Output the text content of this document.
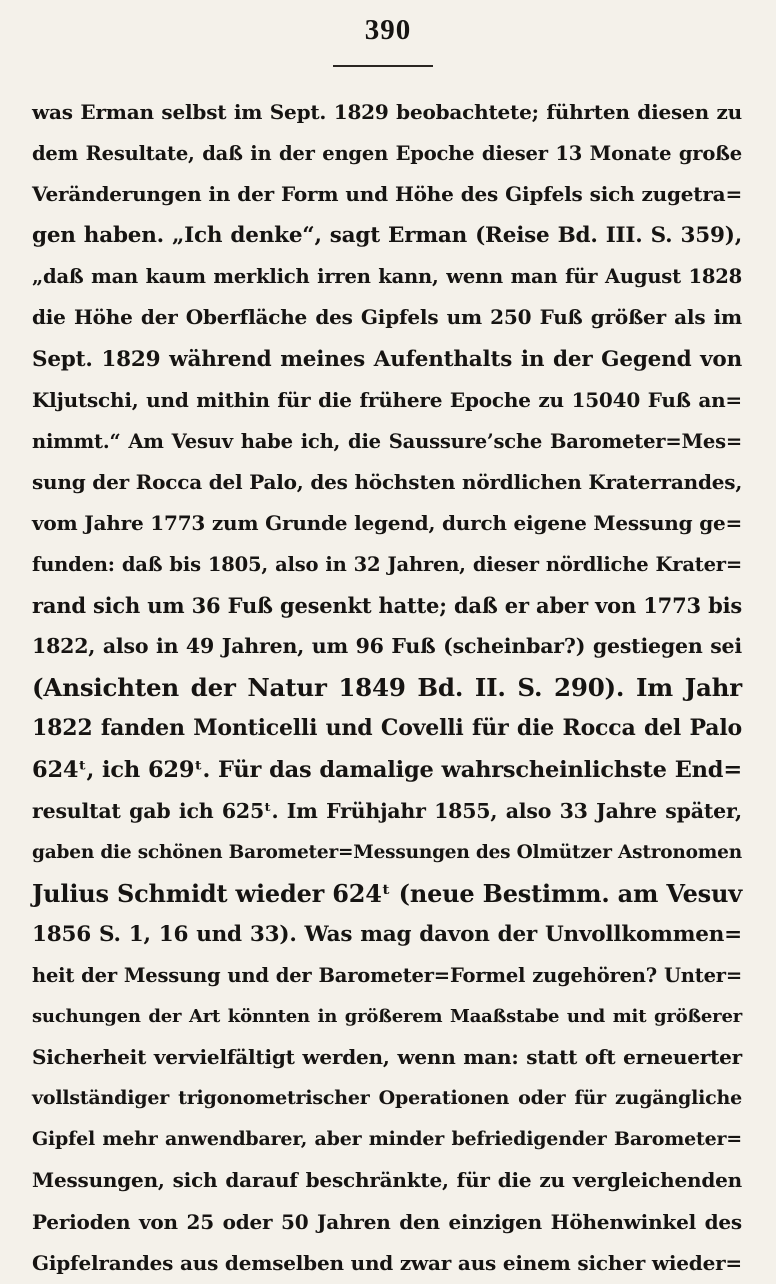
390
was Erman selbst im Sept. 1829 beobachtete; führten diesen zu
dem Resultate, daß in der engen Epoche dieser 13 Monate große
Veränderungen in der Form und Höhe des Gipfels sich zugetra=
gen haben. „Ich denke“, sagt Erman (Reise Bd. III. S. 359),
„daß man kaum merklich irren kann, wenn man für August 1828
die Höhe der Oberfläche des Gipfels um 250 Fuß größer als im
Sept. 1829 während meines Aufenthalts in der Gegend von
Kljutschi, und mithin für die frühere Epoche zu 15040 Fuß an=
nimmt.“ Am Vesuv habe ich, die Saussure’sche Barometer=Mes=
sung der Rocca del Palo, des höchsten nördlichen Kraterrandes,
vom Jahre 1773 zum Grunde legend, durch eigene Messung ge=
funden: daß bis 1805, also in 32 Jahren, dieser nördliche Krater=
rand sich um 36 Fuß gesenkt hatte; daß er aber von 1773 bis
1822, also in 49 Jahren, um 96 Fuß (scheinbar?) gestiegen sei
(Ansichten der Natur 1849 Bd. II. S. 290). Im Jahr
1822 fanden Monticelli und Covelli für die Rocca del Palo
624ᵗ, ich 629ᵗ. Für das damalige wahrscheinlichste End=
resultat gab ich 625ᵗ. Im Frühjahr 1855, also 33 Jahre später,
gaben die schönen Barometer=Messungen des Olmützer Astronomen
Julius Schmidt wieder 624ᵗ (neue Bestimm. am Vesuv
1856 S. 1, 16 und 33). Was mag davon der Unvollkommen=
heit der Messung und der Barometer=Formel zugehören? Unter=
suchungen der Art könnten in größerem Maaßstabe und mit größerer
Sicherheit vervielfältigt werden, wenn man: statt oft erneuerter
vollständiger trigonometrischer Operationen oder für zugängliche
Gipfel mehr anwendbarer, aber minder befriedigender Barometer=
Messungen, sich darauf beschränkte, für die zu vergleichenden
Perioden von 25 oder 50 Jahren den einzigen Höhenwinkel des
Gipfelrandes aus demselben und zwar aus einem sicher wieder=
